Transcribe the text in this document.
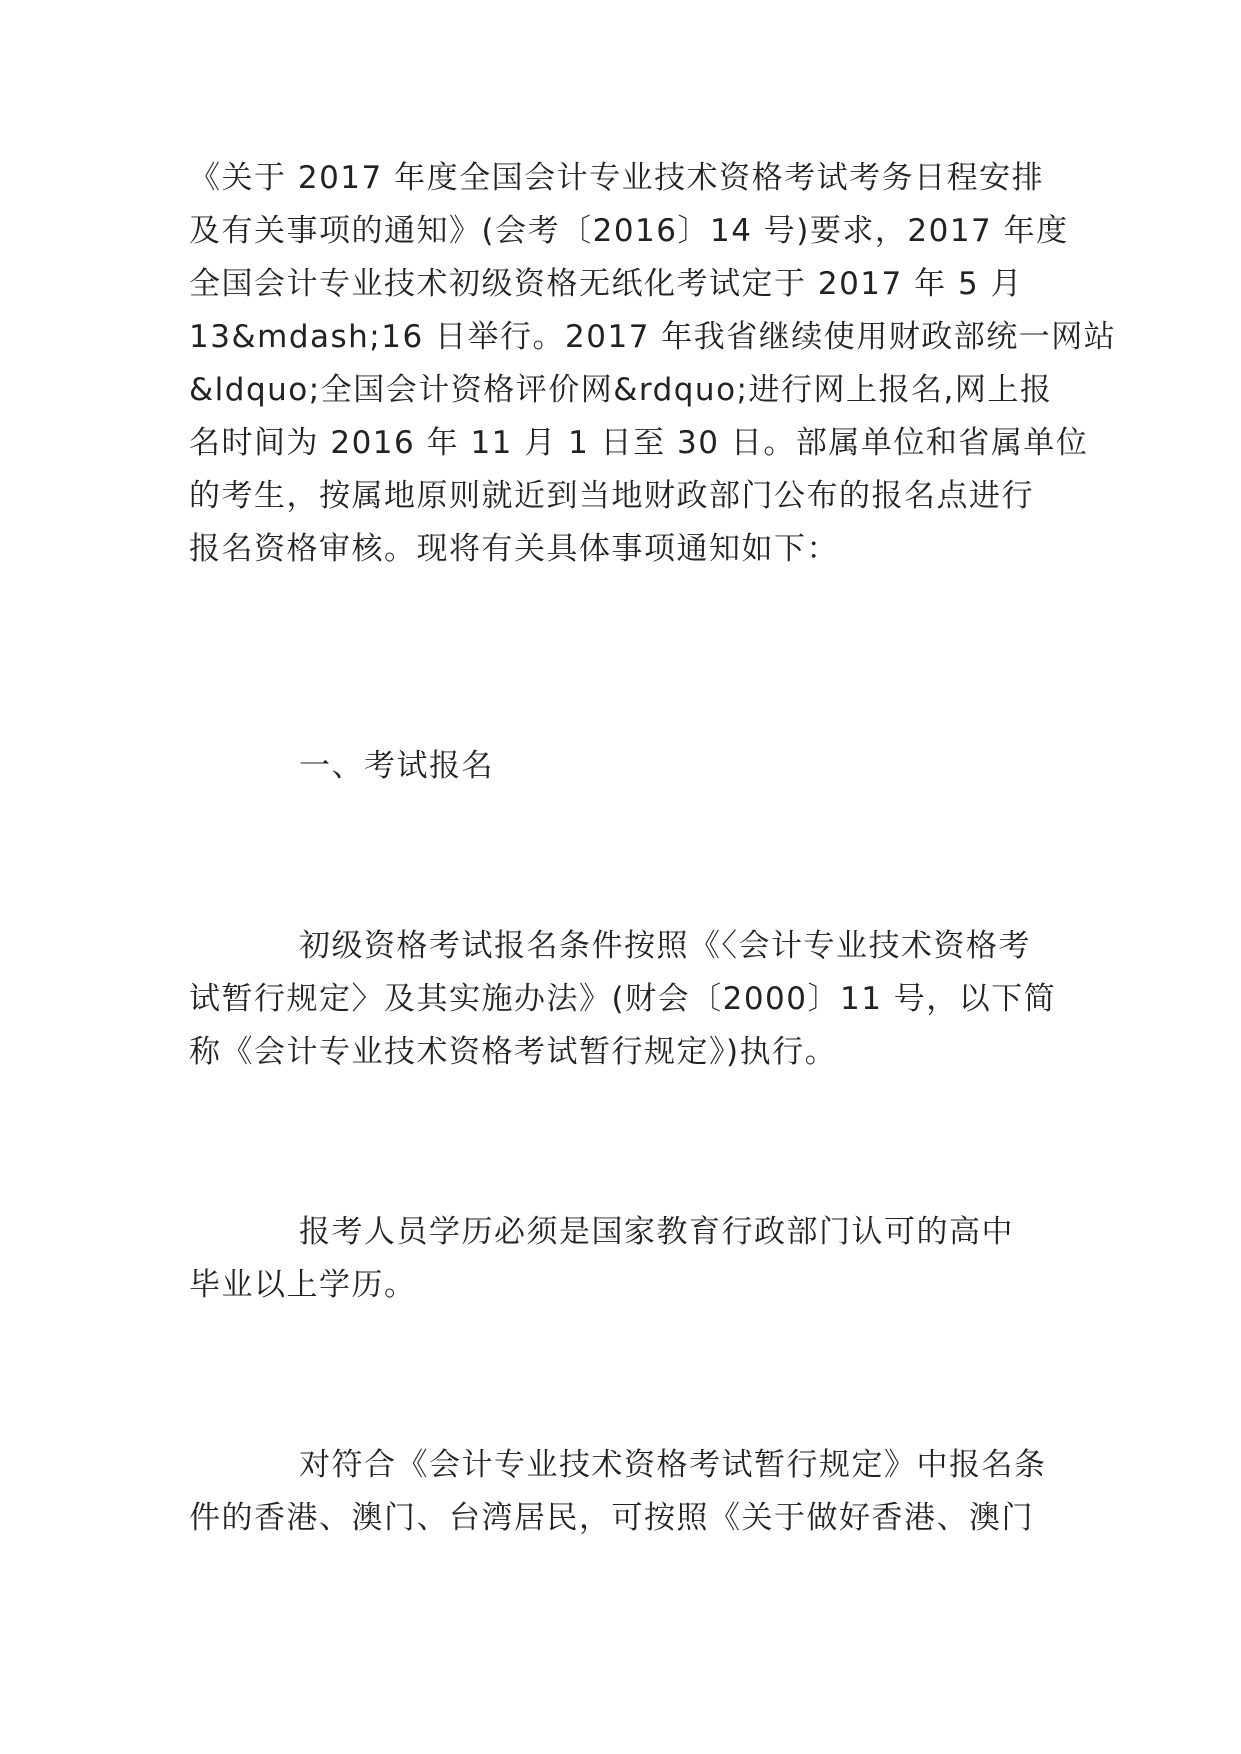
《关于 2017 年度全国会计专业技术资格考试考务日程安排
及有关事项的通知》(会考〔2016〕14 号)要求，2017 年度
全国会计专业技术初级资格无纸化考试定于 2017 年 5 月
13&mdash;16 日举行。2017 年我省继续使用财政部统一网站
&ldquo;全国会计资格评价网&rdquo;进行网上报名,网上报
名时间为 2016 年 11 月 1 日至 30 日。部属单位和省属单位
的考生，按属地原则就近到当地财政部门公布的报名点进行
报名资格审核。现将有关具体事项通知如下：
一、考试报名
初级资格考试报名条件按照《〈会计专业技术资格考
试暂行规定〉及其实施办法》(财会〔2000〕11 号，以下简
称《会计专业技术资格考试暂行规定》)执行。
报考人员学历必须是国家教育行政部门认可的高中
毕业以上学历。
对符合《会计专业技术资格考试暂行规定》中报名条
件的香港、澳门、台湾居民，可按照《关于做好香港、澳门
